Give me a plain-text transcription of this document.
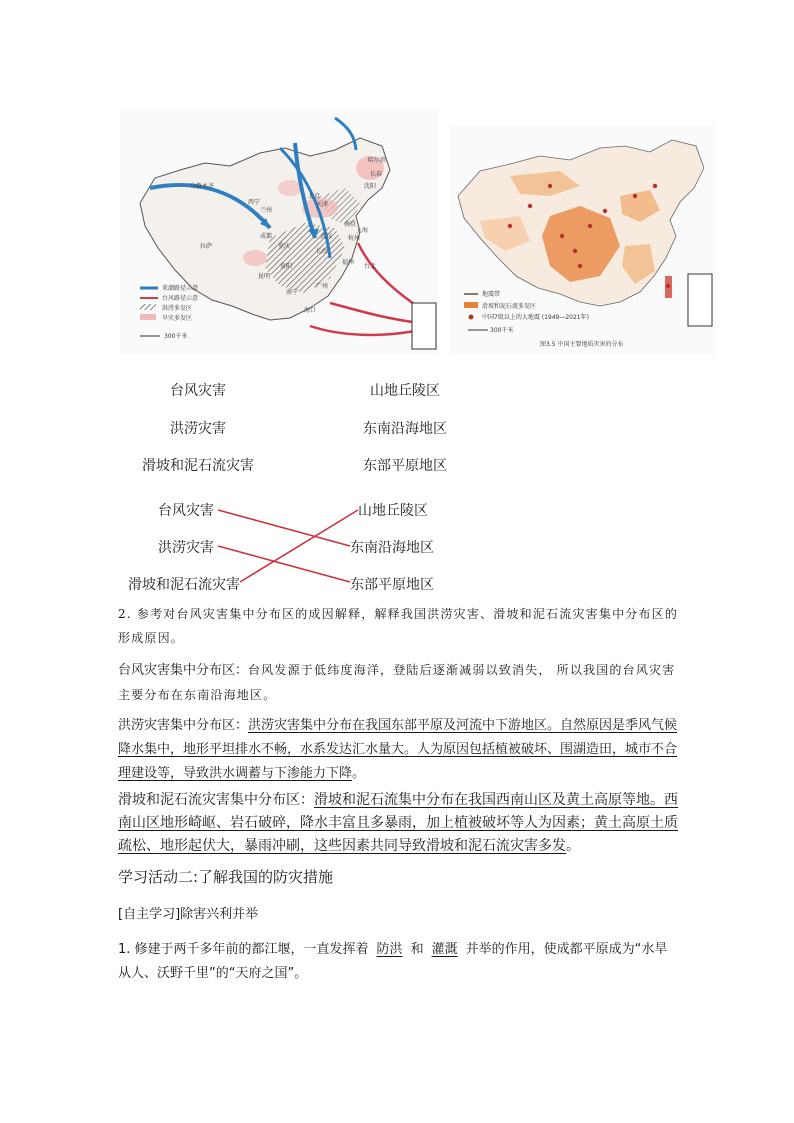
来潮路径示意
台风路径示意
洪涝多发区
旱灾多发区
300千米
乌鲁木齐
北京
天津
兰州
西宁
拉萨
成都
重庆
昆明
贵阳
武汉
长沙
南京
上海
杭州
福州
台北
广州
南宁
海口
沈阳
长春
哈尔滨
地震带
滑坡和泥石流多发区
中国7级以上的大地震 (1949—2021年)
300千米
图3.5 中国主要地质灾害的分布
台风灾害
洪涝灾害
滑坡和泥石流灾害
山地丘陵区
东南沿海地区
东部平原地区
台风灾害
洪涝灾害
滑坡和泥石流灾害
山地丘陵区
东南沿海地区
东部平原地区
2. 参考对台风灾害集中分布区的成因解释，解释我国洪涝灾害、滑坡和泥石流灾害集中分布区的形成原因。
台风灾害集中分布区：台风发源于低纬度海洋，登陆后逐渐减弱以致消失， 所以我国的台风灾害主要分布在东南沿海地区。
洪涝灾害集中分布区：洪涝灾害集中分布在我国东部平原及河流中下游地区。自然原因是季风气候降水集中，地形平坦排水不畅，水系发达汇水量大。人为原因包括植被破坏、围湖造田，城市不合理建设等，导致洪水调蓄与下渗能力下降。
滑坡和泥石流灾害集中分布区：滑坡和泥石流集中分布在我国西南山区及黄土高原等地。西南山区地形崎岖、岩石破碎，降水丰富且多暴雨，加上植被破坏等人为因素；黄土高原土质疏松、地形起伏大，暴雨冲刷，这些因素共同导致滑坡和泥石流灾害多发。
学习活动二:了解我国的防灾措施
[自主学习]除害兴利并举
1. 修建于两千多年前的都江堰，一直发挥着 防洪 和 灌溉 并举的作用，使成都平原成为“水旱从人、沃野千里”的“天府之国”。
